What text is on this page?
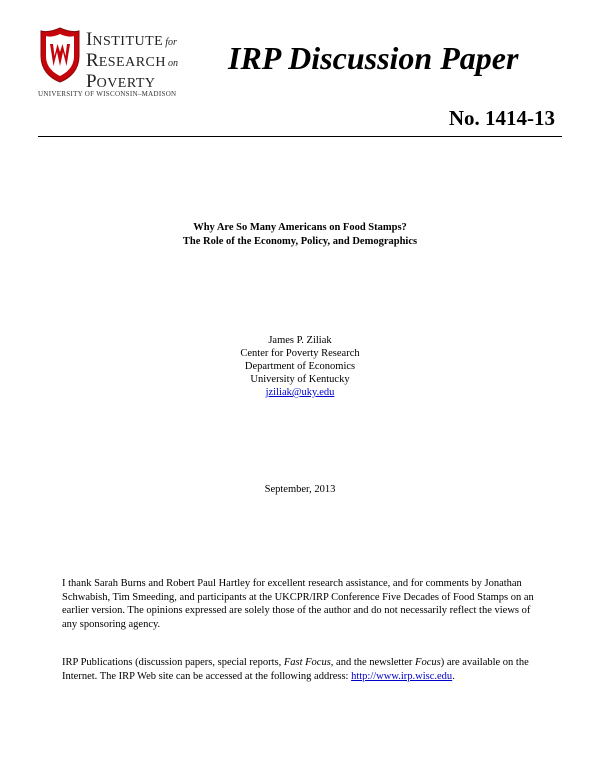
INSTITUTE for
RESEARCH on
POVERTY
UNIVERSITY OF WISCONSIN–MADISON
IRP Discussion Paper
No. 1414-13
Why Are So Many Americans on Food Stamps?
The Role of the Economy, Policy, and Demographics
James P. Ziliak
Center for Poverty Research
Department of Economics
University of Kentucky
jziliak@uky.edu
September, 2013
I thank Sarah Burns and Robert Paul Hartley for excellent research assistance, and for comments by Jonathan Schwabish, Tim Smeeding, and participants at the UKCPR/IRP Conference Five Decades of Food Stamps on an earlier version. The opinions expressed are solely those of the author and do not necessarily reflect the views of any sponsoring agency.
IRP Publications (discussion papers, special reports, Fast Focus, and the newsletter Focus) are available on the Internet. The IRP Web site can be accessed at the following address: http://www.irp.wisc.edu.
